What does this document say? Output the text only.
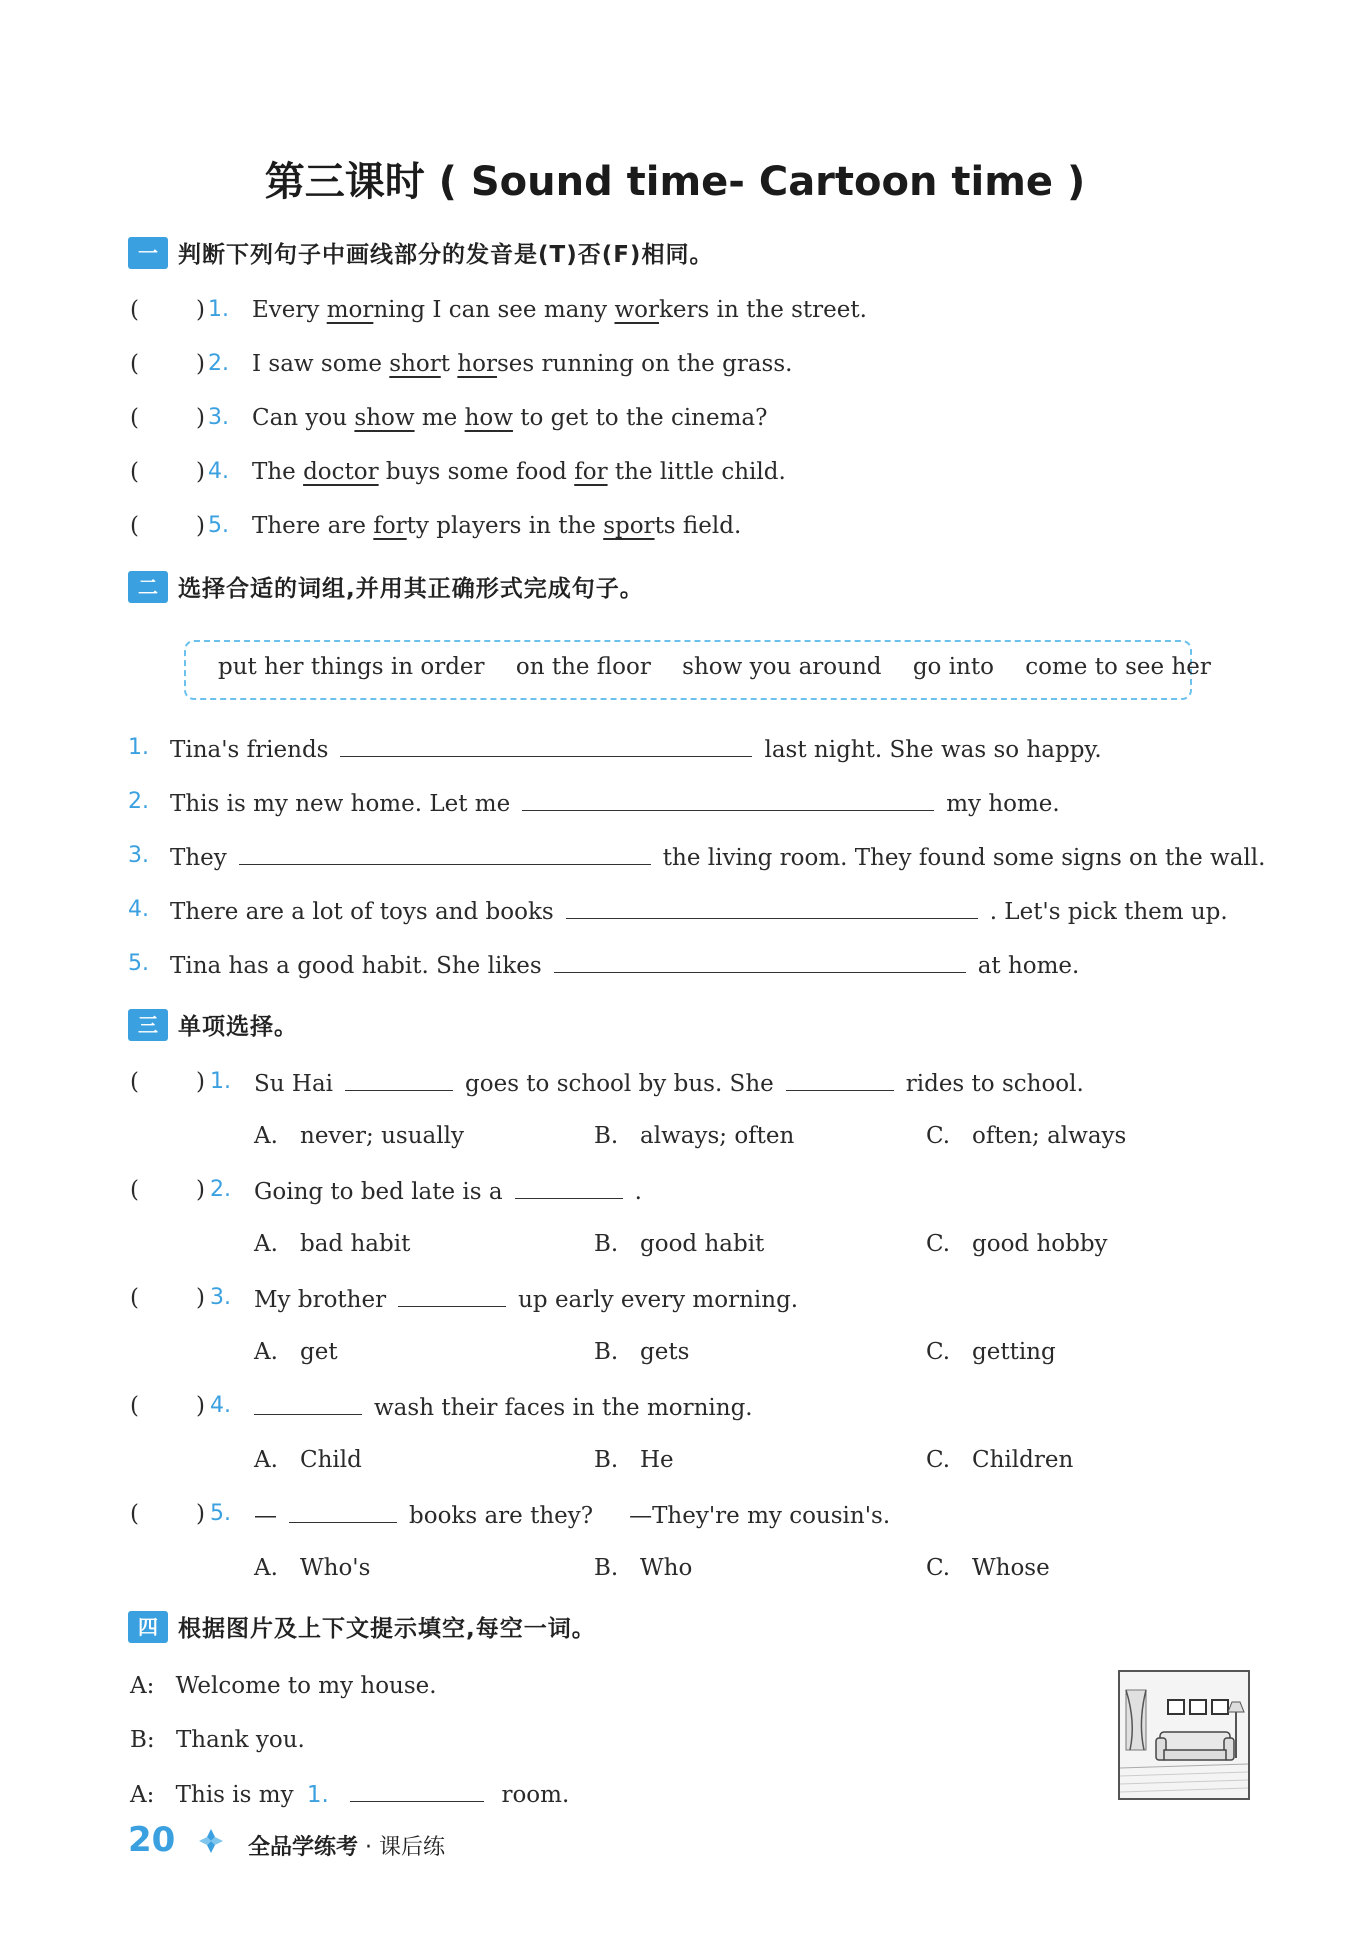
第三课时 ( Sound time- Cartoon time )
一 判断下列句子中画线部分的发音是(T)否(F)相同。
( ) 1. Every morning I can see many workers in the street.
( ) 2. I saw some short horses running on the grass.
( ) 3. Can you show me how to get to the cinema?
( ) 4. The doctor buys some food for the little child.
( ) 5. There are forty players in the sports field.
二 选择合适的词组,并用其正确形式完成句子。
put her things in order on the floor show you around go into come to see her
1. Tina's friends	last night. She was so happy.
2. This is my new home. Let me	my home.
3. They	the living room. They found some signs on the wall.
4. There are a lot of toys and books	. Let's pick them up.
5. Tina has a good habit. She likes	at home.
三 单项选择。
( ) 1. Su Hai	goes to school by bus. She	rides to school.
A. never; usually	B. always; often	C. often; always
( ) 2. Going to bed late is a	.
A. bad habit	B. good habit	C. good hobby
( ) 3. My brother	up early every morning.
A. get	B. gets	C. getting
( ) 4.	wash their faces in the morning.
A. Child	B. He	C. Children
( ) 5. —	books are they? —They're my cousin's.
A. Who's	B. Who	C. Whose
四 根据图片及上下文提示填空,每空一词。
A: Welcome to my house.
B: Thank you.
A: This is my 1.	room.
20	全品学练考 · 课后练
